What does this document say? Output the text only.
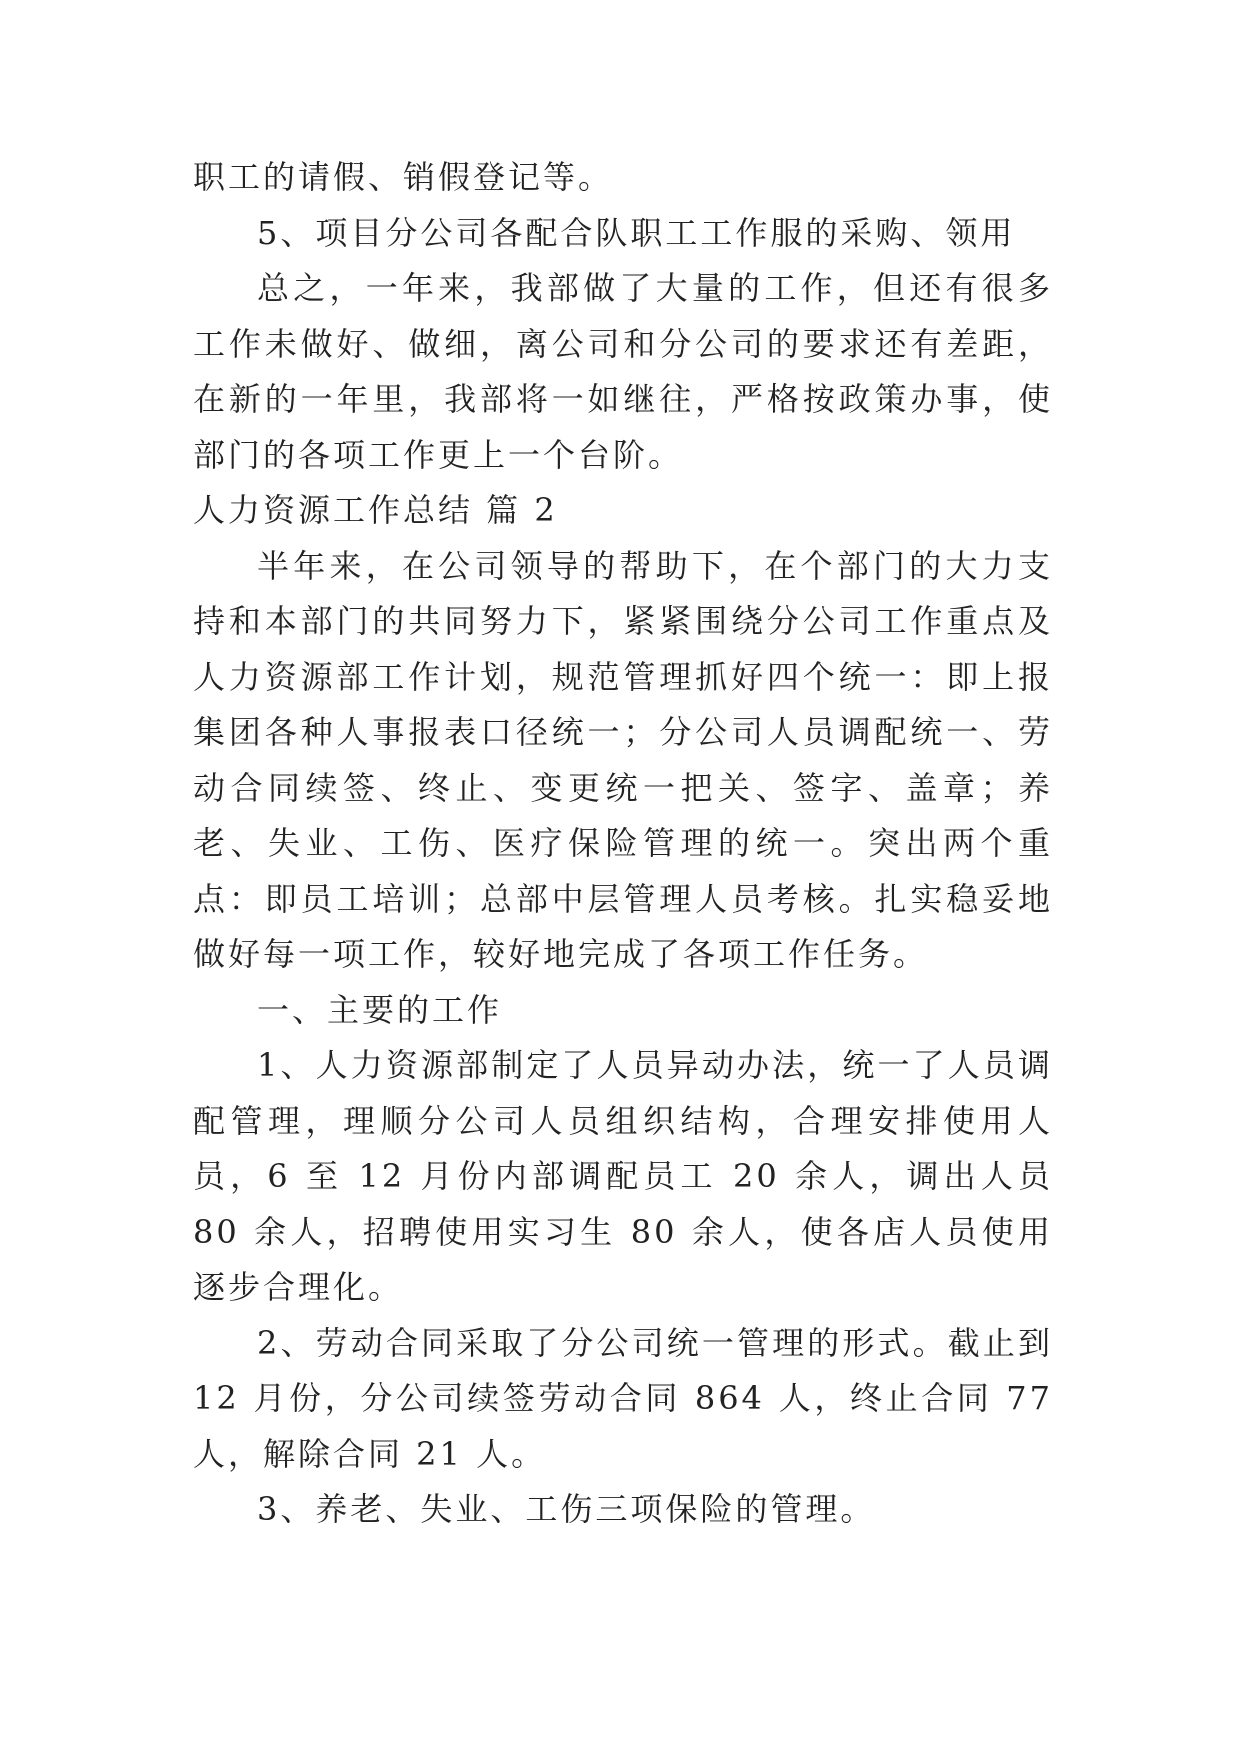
职工的请假、销假登记等。

5、项目分公司各配合队职工工作服的采购、领用

总之，一年来，我部做了大量的工作，但还有很多工作未做好、做细，离公司和分公司的要求还有差距，在新的一年里，我部将一如继往，严格按政策办事，使部门的各项工作更上一个台阶。

人力资源工作总结 篇 2

半年来，在公司领导的帮助下，在个部门的大力支持和本部门的共同努力下，紧紧围绕分公司工作重点及人力资源部工作计划，规范管理抓好四个统一：即上报集团各种人事报表口径统一；分公司人员调配统一、劳动合同续签、终止、变更统一把关、签字、盖章；养老、失业、工伤、医疗保险管理的统一。突出两个重点：即员工培训；总部中层管理人员考核。扎实稳妥地做好每一项工作，较好地完成了各项工作任务。

一、主要的工作

1、人力资源部制定了人员异动办法，统一了人员调配管理，理顺分公司人员组织结构，合理安排使用人员，6 至 12 月份内部调配员工 20 余人，调出人员 80 余人，招聘使用实习生 80 余人，使各店人员使用逐步合理化。

2、劳动合同采取了分公司统一管理的形式。截止到 12 月份，分公司续签劳动合同 864 人，终止合同 77 人，解除合同 21 人。

3、养老、失业、工伤三项保险的管理。
